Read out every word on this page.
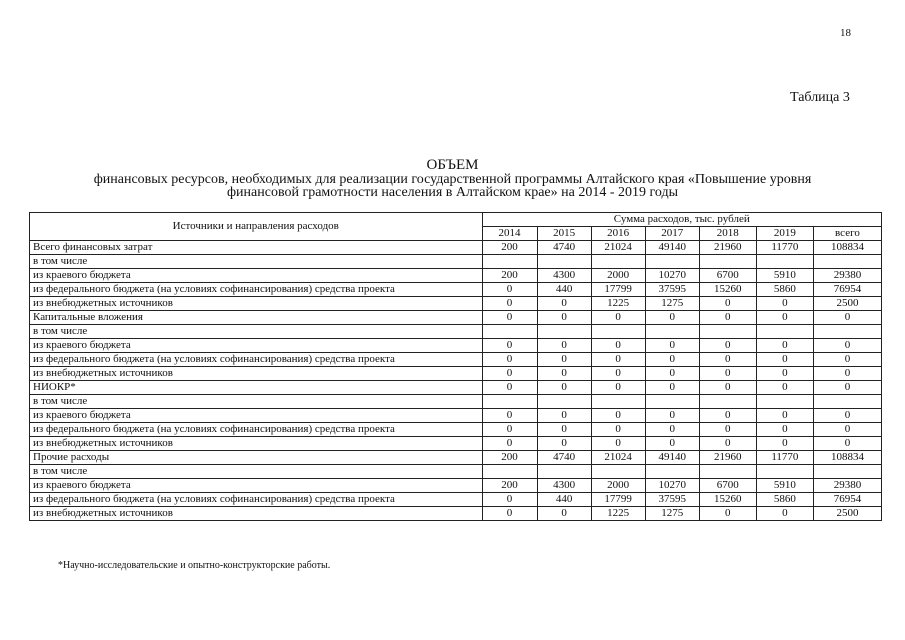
18
Таблица 3
ОБЪЕМ
финансовых ресурсов, необходимых для реализации государственной программы Алтайского края «Повышение уровня
финансовой грамотности населения в Алтайском крае» на 2014 - 2019 годы
Источники и направления расходов	Сумма расходов, тыс. рублей						
	2014	2015	2016	2017	2018	2019	всего
Всего финансовых затрат	200	4740	21024	49140	21960	11770	108834
в том числе							
из краевого бюджета	200	4300	2000	10270	6700	5910	29380
из федерального бюджета (на условиях софинансирования) средства проекта	0	440	17799	37595	15260	5860	76954
из внебюджетных источников	0	0	1225	1275	0	0	2500
Капитальные вложения	0	0	0	0	0	0	0
в том числе							
из краевого бюджета	0	0	0	0	0	0	0
из федерального бюджета (на условиях софинансирования) средства проекта	0	0	0	0	0	0	0
из внебюджетных источников	0	0	0	0	0	0	0
НИОКР*	0	0	0	0	0	0	0
в том числе							
из краевого бюджета	0	0	0	0	0	0	0
из федерального бюджета (на условиях софинансирования) средства проекта	0	0	0	0	0	0	0
из внебюджетных источников	0	0	0	0	0	0	0
Прочие расходы	200	4740	21024	49140	21960	11770	108834
в том числе							
из краевого бюджета	200	4300	2000	10270	6700	5910	29380
из федерального бюджета (на условиях софинансирования) средства проекта	0	440	17799	37595	15260	5860	76954
из внебюджетных источников	0	0	1225	1275	0	0	2500
*Научно-исследовательские и опытно-конструкторские работы.
